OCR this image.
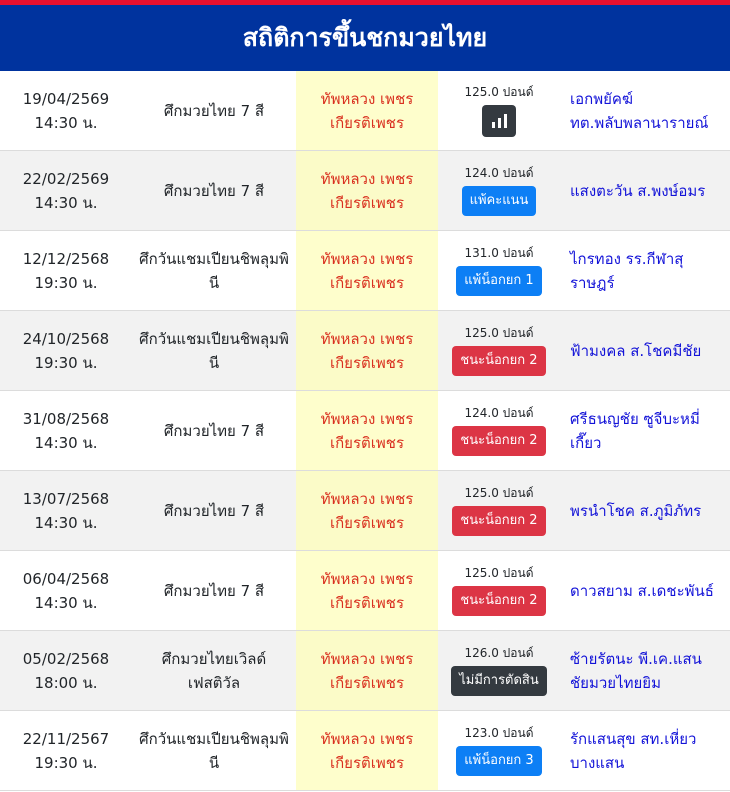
สถิติการขึ้นชกมวยไทย
19/04/2569
14:30 น.
ศึกมวยไทย 7 สี
ทัพหลวง เพชร
เกียรติเพชร
125.0 ปอนด์ เอกพยัคฆ์ ทต.พลับพลานารายณ์
22/02/2569
14:30 น.
ศึกมวยไทย 7 สี
ทัพหลวง เพชร
เกียรติเพชร
124.0 ปอนด์
แพ้คะแนน
แสงตะวัน ส.พงษ์อมร
12/12/2568
19:30 น.
ศึกวันแชมเปียนชิพลุมพินี
ทัพหลวง เพชร
เกียรติเพชร
131.0 ปอนด์
แพ้น็อกยก 1
ไกรทอง รร.กีฬาสุราษฎร์
24/10/2568
19:30 น.
ศึกวันแชมเปียนชิพลุมพินี
ทัพหลวง เพชร
เกียรติเพชร
125.0 ปอนด์
ชนะน็อกยก 2
ฟ้ามงคล ส.โชคมีชัย
31/08/2568
14:30 น.
ศึกมวยไทย 7 สี
ทัพหลวง เพชร
เกียรติเพชร
124.0 ปอนด์
ชนะน็อกยก 2
ศรีธนญชัย ซูจีบะหมี่เกี๊ยว
13/07/2568
14:30 น.
ศึกมวยไทย 7 สี
ทัพหลวง เพชร
เกียรติเพชร
125.0 ปอนด์
ชนะน็อกยก 2
พรนำโชค ส.ภูมิภัทร
06/04/2568
14:30 น.
ศึกมวยไทย 7 สี
ทัพหลวง เพชร
เกียรติเพชร
125.0 ปอนด์
ชนะน็อกยก 2
ดาวสยาม ส.เดชะพันธ์
05/02/2568
18:00 น.
ศึกมวยไทยเวิลด์เฟสติวัล
ทัพหลวง เพชร
เกียรติเพชร
126.0 ปอนด์
ไม่มีการตัดสิน
ซ้ายรัตนะ พี.เค.แสนชัยมวยไทยยิม
22/11/2567
19:30 น.
ศึกวันแชมเปียนชิพลุมพินี
ทัพหลวง เพชร
เกียรติเพชร
123.0 ปอนด์
แพ้น็อกยก 3
รักแสนสุข สท.เหี่ยวบางแสน
